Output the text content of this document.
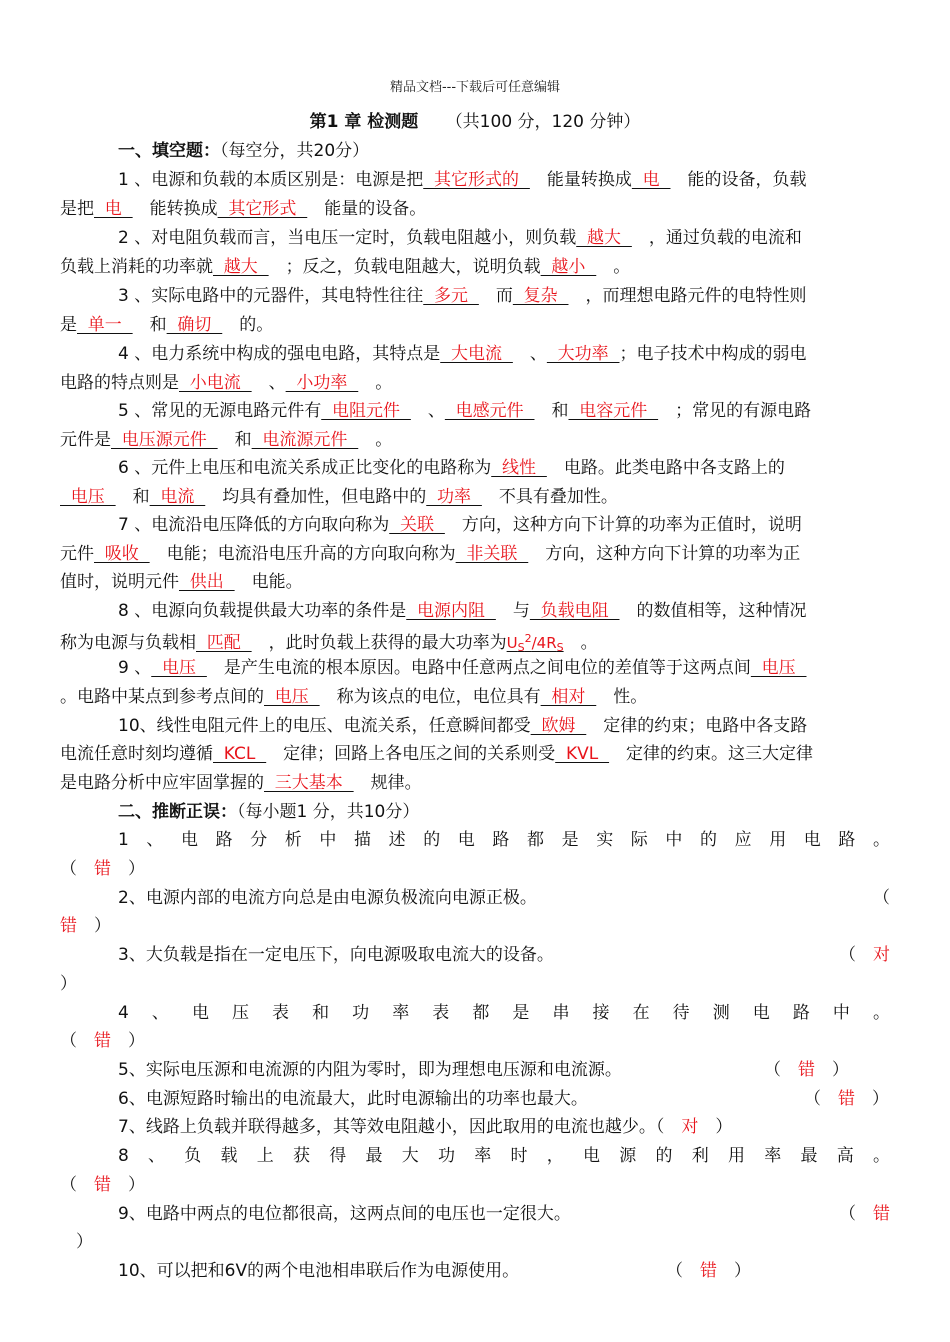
精品文档---下载后可任意编辑
第1 章 检测题 （共100 分，120 分钟）
一、填空题：（每空分，共20分）
1 、电源和负载的本质区别是：电源是把  其它形式的  　能量转换成  电  　能的设备，负载
是把  电  　能转换成  其它形式  　能量的设备。
2 、对电阻负载而言，当电压一定时，负载电阻越小，则负载  越大  　，通过负载的电流和
负载上消耗的功率就  越大  　；反之，负载电阻越大，说明负载  越小  　。
3 、实际电路中的元器件，其电特性往往  多元  　而  复杂  　，而理想电路元件的电特性则
是  单一  　和  确切  　的。
4 、电力系统中构成的强电电路，其特点是  大电流  　、  大功率  ；电子技术中构成的弱电
电路的特点则是  小电流  　、  小功率  　。
5 、常见的无源电路元件有  电阻元件  　、  电感元件  　和  电容元件  　；常见的有源电路
元件是  电压源元件  　和  电流源元件  　。
6 、元件上电压和电流关系成正比变化的电路称为  线性  　电路。此类电路中各支路上的
电压  　和  电流  　均具有叠加性，但电路中的  功率  　不具有叠加性。
7 、电流沿电压降低的方向取向称为  关联  　方向，这种方向下计算的功率为正值时，说明
元件  吸收  　电能；电流沿电压升高的方向取向称为  非关联  　方向，这种方向下计算的功率为正
值时，说明元件  供出  　电能。
8 、电源向负载提供最大功率的条件是  电源内阻  　与  负载电阻  　的数值相等，这种情况
称为电源与负载相  匹配  　，此时负载上获得的最大功率为$U_S^2/4R_S$　。
9 、  电压  　是产生电流的根本原因。电路中任意两点之间电位的差值等于这两点间  电压
。电路中某点到参考点间的  电压  　称为该点的电位，电位具有  相对  　性。
10、线性电阻元件上的电压、电流关系，任意瞬间都受  欧姆  　定律的约束；电路中各支路
电流任意时刻均遵循  KCL  　定律；回路上各电压之间的关系则受  KVL  　定律的约束。这三大定律
是电路分析中应牢固掌握的  三大基本  　规律。
二、推断正误：（每小题1 分，共10分）
1、电路分析中描述的电路都是实际中的应用电路。
（　错　）
2、电源内部的电流方向总是由电源负极流向电源正极。	（
错　）
3、大负载是指在一定电压下，向电源吸取电流大的设备。	（　对
）
4、电压表和功率表都是串接在待测电路中。
（　错　）
5、实际电压源和电流源的内阻为零时，即为理想电压源和电流源。	（　错　）
6、电源短路时输出的电流最大，此时电源输出的功率也最大。	（　错　）
7、线路上负载并联得越多，其等效电阻越小，因此取用的电流也越少。（　对　）
8、负载上获得最大功率时，电源的利用率最高。
（　错　）
9、电路中两点的电位都很高，这两点间的电压也一定很大。	（　错
）
10、可以把和6V的两个电池相串联后作为电源使用。	（　错　）
